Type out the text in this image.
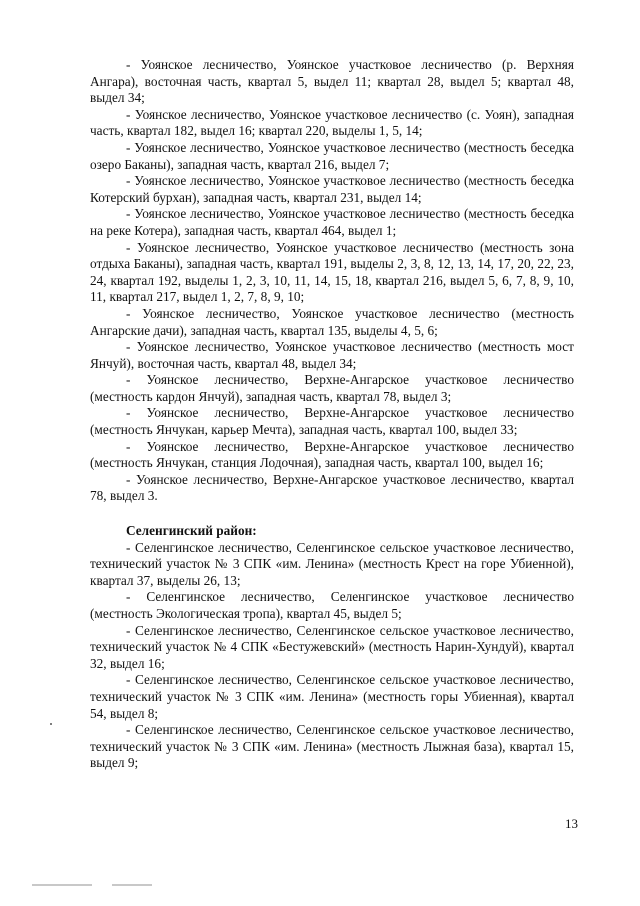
- Уоянское лесничество, Уоянское участковое лесничество (р. Верхняя Ангара), восточная часть, квартал 5, выдел 11; квартал 28, выдел 5; квартал 48, выдел 34;

- Уоянское лесничество, Уоянское участковое лесничество (с. Уоян), западная часть, квартал 182, выдел 16; квартал 220, выделы 1, 5, 14;

- Уоянское лесничество, Уоянское участковое лесничество (местность беседка озеро Баканы), западная часть, квартал 216, выдел 7;

- Уоянское лесничество, Уоянское участковое лесничество (местность беседка Котерский бурхан), западная часть, квартал 231, выдел 14;

- Уоянское лесничество, Уоянское участковое лесничество (местность беседка на реке Котера), западная часть, квартал 464, выдел 1;

- Уоянское лесничество, Уоянское участковое лесничество (местность зона отдыха Баканы), западная часть, квартал 191, выделы 2, 3, 8, 12, 13, 14, 17, 20, 22, 23, 24, квартал 192, выделы 1, 2, 3, 10, 11, 14, 15, 18, квартал 216, выдел 5, 6, 7, 8, 9, 10, 11, квартал 217, выдел 1, 2, 7, 8, 9, 10;

- Уоянское лесничество, Уоянское участковое лесничество (местность Ангарские дачи), западная часть, квартал 135, выделы 4, 5, 6;

- Уоянское лесничество, Уоянское участковое лесничество (местность мост Янчуй), восточная часть, квартал 48, выдел 34;

- Уоянское лесничество, Верхне-Ангарское участковое лесничество (местность кардон Янчуй), западная часть, квартал 78, выдел 3;

- Уоянское лесничество, Верхне-Ангарское участковое лесничество (местность Янчукан, карьер Мечта), западная часть, квартал 100, выдел 33;

- Уоянское лесничество, Верхне-Ангарское участковое лесничество (местность Янчукан, станция Лодочная), западная часть, квартал 100, выдел 16;

- Уоянское лесничество, Верхне-Ангарское участковое лесничество, квартал 78, выдел 3.

Селенгинский район:

- Селенгинское лесничество, Селенгинское сельское участковое лесничество, технический участок № 3 СПК «им. Ленина» (местность Крест на горе Убиенной), квартал 37, выделы 26, 13;

- Селенгинское лесничество, Селенгинское участковое лесничество (местность Экологическая тропа), квартал 45, выдел 5;

- Селенгинское лесничество, Селенгинское сельское участковое лесничество, технический участок № 4 СПК «Бестужевский» (местность Нарин-Хундуй), квартал 32, выдел 16;

- Селенгинское лесничество, Селенгинское сельское участковое лесничество, технический участок № 3 СПК «им. Ленина» (местность горы Убиенная), квартал 54, выдел 8;

- Селенгинское лесничество, Селенгинское сельское участковое лесничество, технический участок № 3 СПК «им. Ленина» (местность Лыжная база), квартал 15, выдел 9;

13
